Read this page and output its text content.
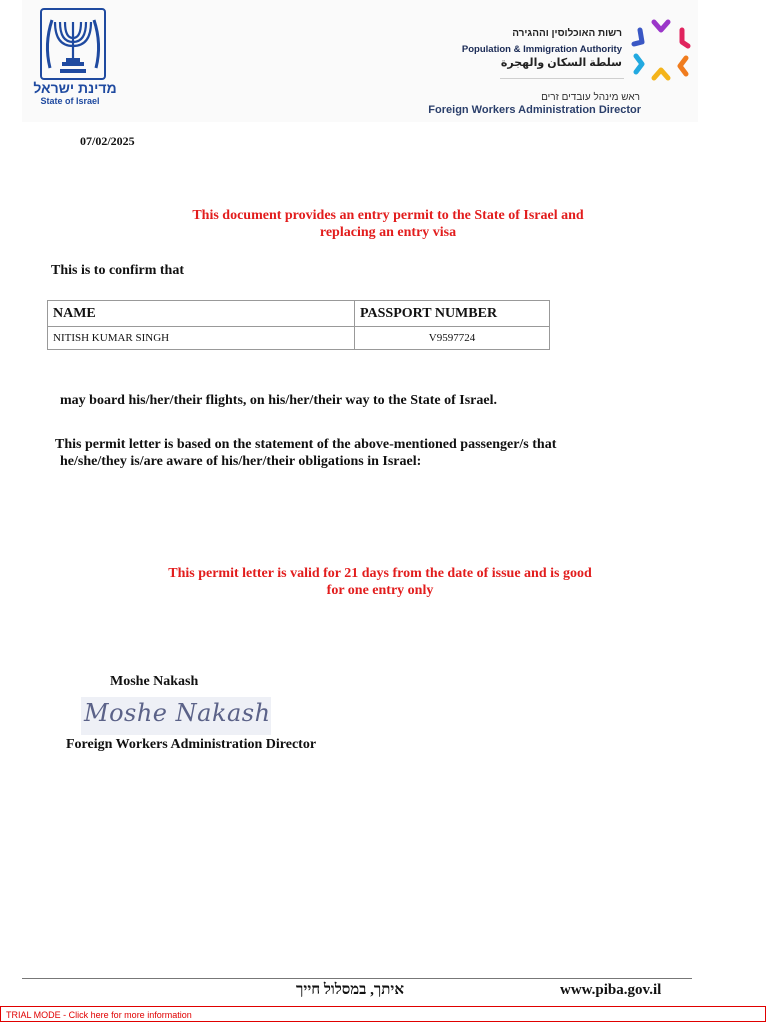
מדינת ישראל
State of Israel
רשות האוכלוסין וההגירה
Population & Immigration Authority
سلطة السكان والهجرة
ראש מינהל עובדים זרים
Foreign Workers Administration Director
07/02/2025
This document provides an entry permit to the State of Israel and
replacing an entry visa
This is to confirm that
NAME	PASSPORT NUMBER
NITISH KUMAR SINGH	V9597724
may board his/her/their flights, on his/her/their way to the State of Israel.
This permit letter is based on the statement of the above-mentioned passenger/s that
he/she/they is/are aware of his/her/their obligations in Israel:
This permit letter is valid for 21 days from the date of issue and is good
for one entry only
Moshe Nakash
Moshe Nakash
Foreign Workers Administration Director
איתך, במסלול חייך	www.piba.gov.il
TRIAL MODE - Click here for more information
